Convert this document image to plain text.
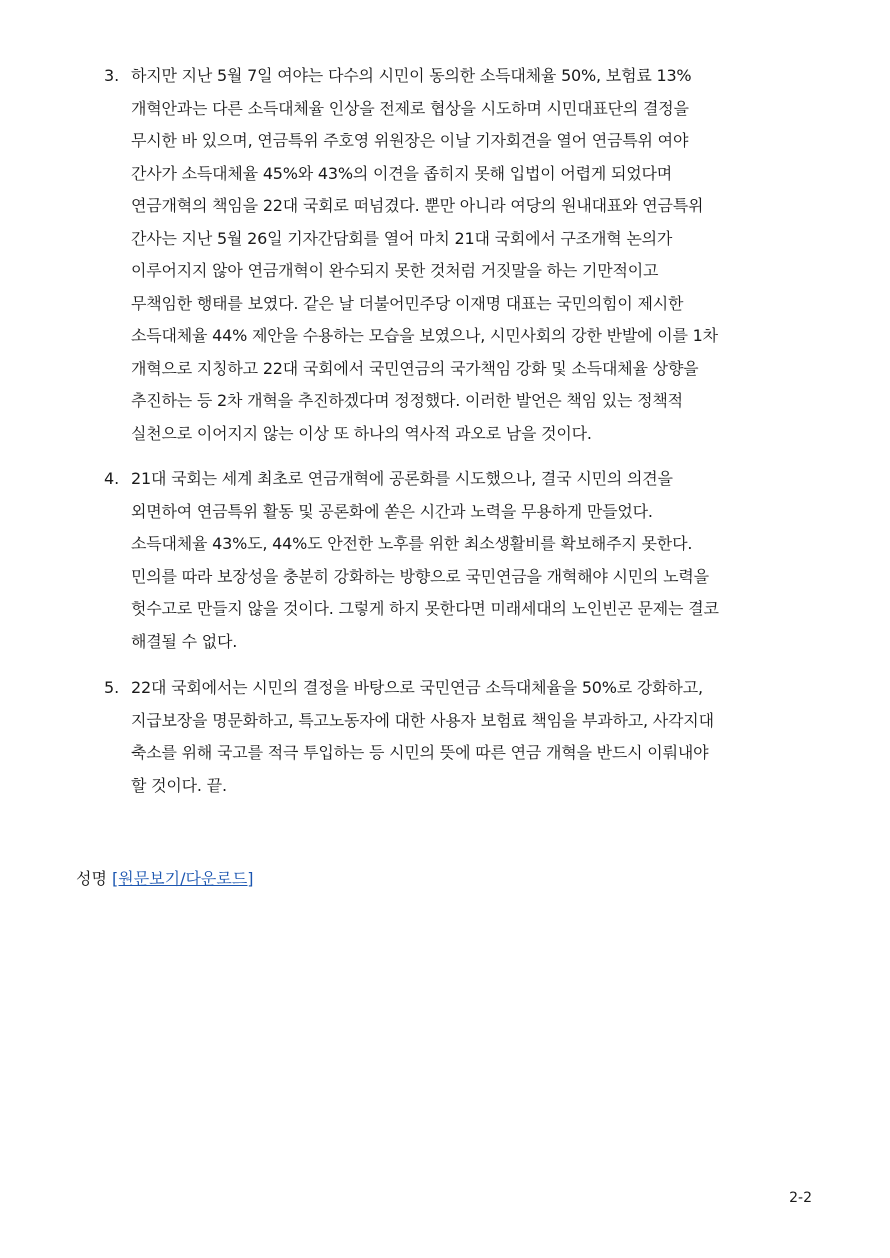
3. 하지만 지난 5월 7일 여야는 다수의 시민이 동의한 소득대체율 50%, 보험료 13%
개혁안과는 다른 소득대체율 인상을 전제로 협상을 시도하며 시민대표단의 결정을
무시한 바 있으며, 연금특위 주호영 위원장은 이날 기자회견을 열어 연금특위 여야
간사가 소득대체율 45%와 43%의 이견을 좁히지 못해 입법이 어렵게 되었다며
연금개혁의 책임을 22대 국회로 떠넘겼다. 뿐만 아니라 여당의 원내대표와 연금특위
간사는 지난 5월 26일 기자간담회를 열어 마치 21대 국회에서 구조개혁 논의가
이루어지지 않아 연금개혁이 완수되지 못한 것처럼 거짓말을 하는 기만적이고
무책임한 행태를 보였다. 같은 날 더불어민주당 이재명 대표는 국민의힘이 제시한
소득대체율 44% 제안을 수용하는 모습을 보였으나, 시민사회의 강한 반발에 이를 1차
개혁으로 지칭하고 22대 국회에서 국민연금의 국가책임 강화 및 소득대체율 상향을
추진하는 등 2차 개혁을 추진하겠다며 정정했다. 이러한 발언은 책임 있는 정책적
실천으로 이어지지 않는 이상 또 하나의 역사적 과오로 남을 것이다.
4. 21대 국회는 세계 최초로 연금개혁에 공론화를 시도했으나, 결국 시민의 의견을
외면하여 연금특위 활동 및 공론화에 쏟은 시간과 노력을 무용하게 만들었다.
소득대체율 43%도, 44%도 안전한 노후를 위한 최소생활비를 확보해주지 못한다.
민의를 따라 보장성을 충분히 강화하는 방향으로 국민연금을 개혁해야 시민의 노력을
헛수고로 만들지 않을 것이다. 그렇게 하지 못한다면 미래세대의 노인빈곤 문제는 결코
해결될 수 없다.
5. 22대 국회에서는 시민의 결정을 바탕으로 국민연금 소득대체율을 50%로 강화하고,
지급보장을 명문화하고, 특고노동자에 대한 사용자 보험료 책임을 부과하고, 사각지대
축소를 위해 국고를 적극 투입하는 등 시민의 뜻에 따른 연금 개혁을 반드시 이뤄내야
할 것이다. 끝.
성명 [원문보기/다운로드]
2-2
